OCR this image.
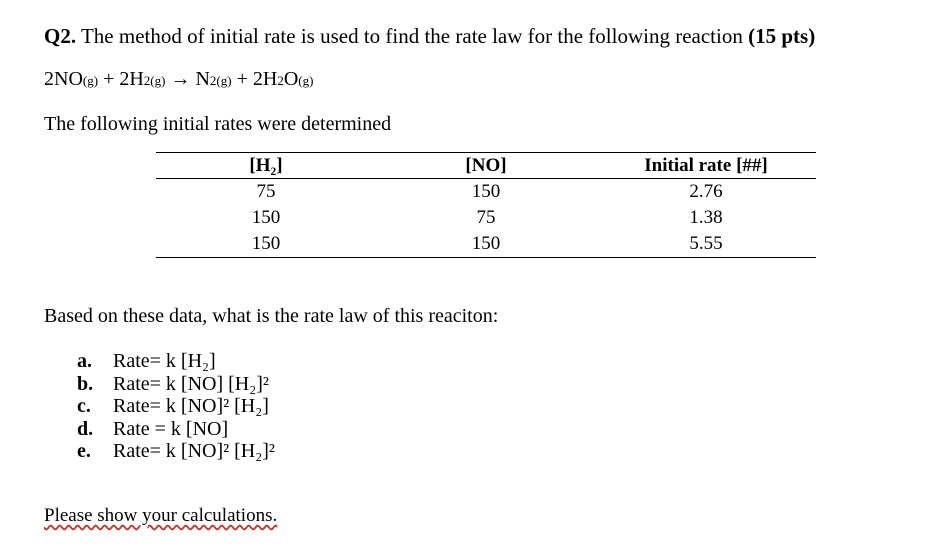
Q2. The method of initial rate is used to find the rate law for the following reaction (15 pts)
2NO(g) + 2H2(g) → N2(g) + 2H2O(g)
The following initial rates were determined
[H₂]	[NO]	Initial rate [##]
75	150	2.76
150	75	1.38
150	150	5.55
Based on these data, what is the rate law of this reaciton:
a. Rate= k [H₂]
b. Rate= k [NO] [H₂]²
c. Rate= k [NO]² [H₂]
d. Rate = k [NO]
e. Rate= k [NO]² [H₂]²
Please show your calculations.
